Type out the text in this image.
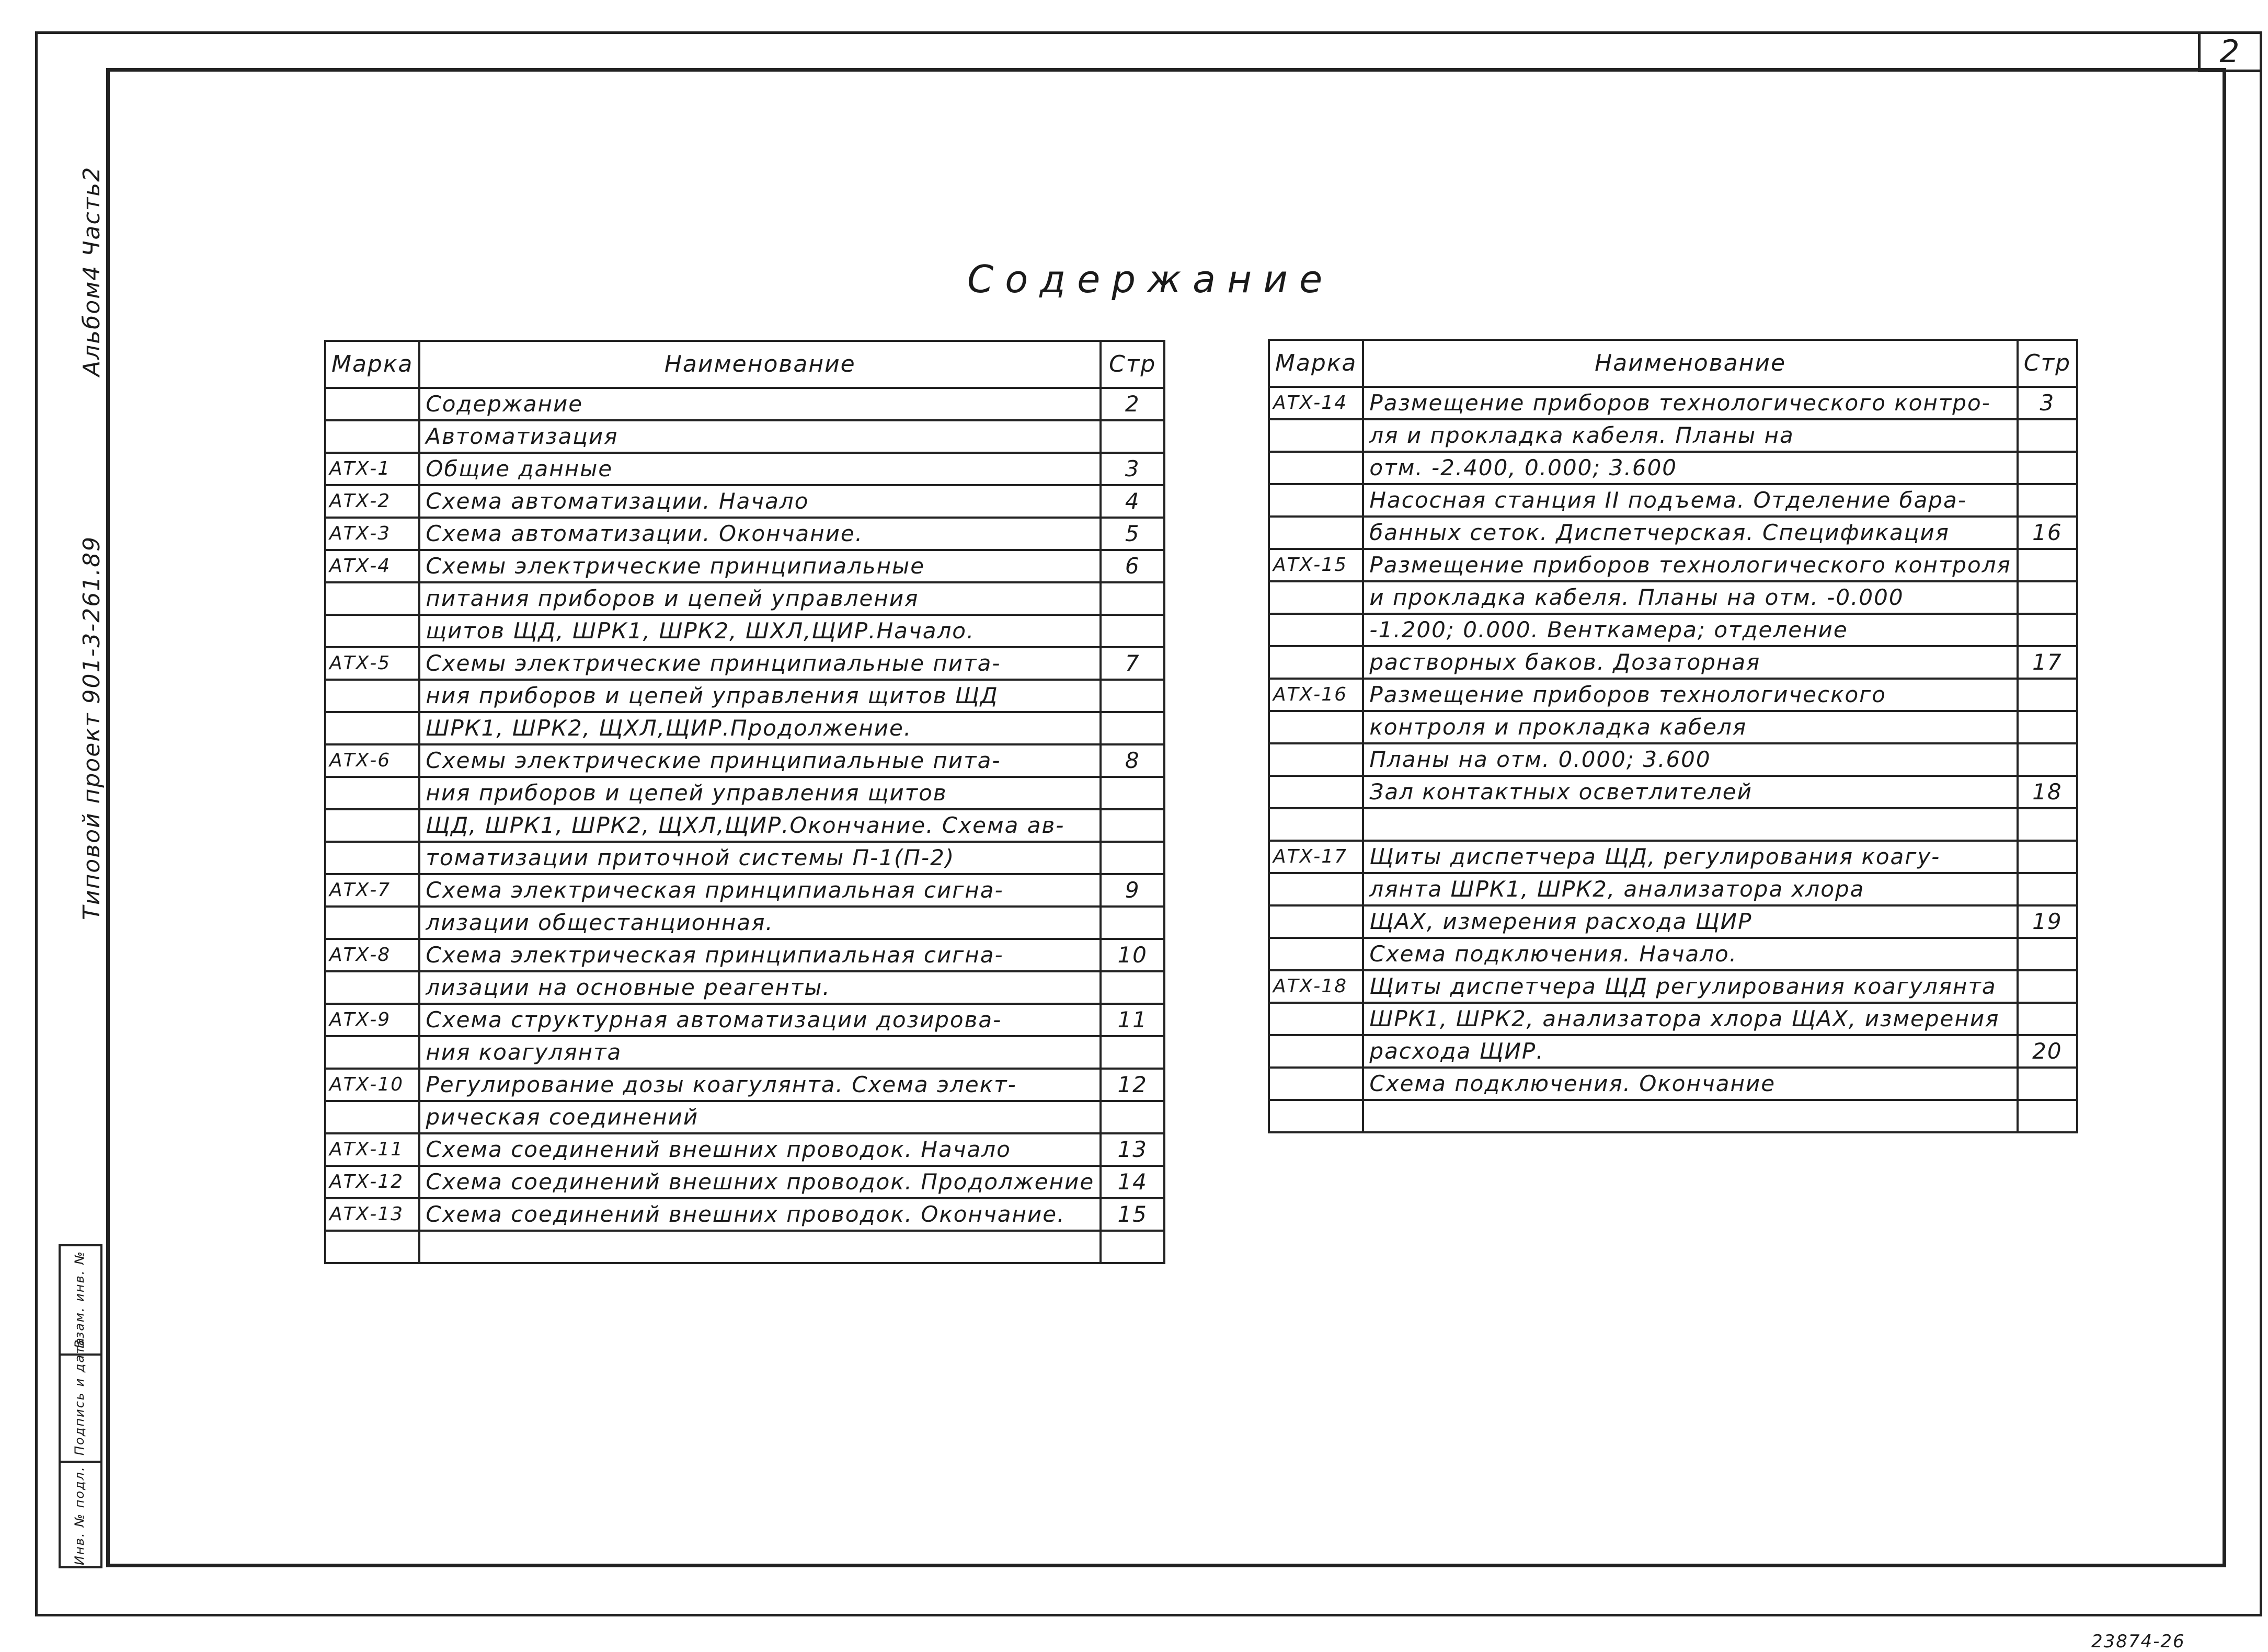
2
Альбом4 Часть2
Типовой проект 901-3-261.89
Инв. № подл.
Подпись и дата
Взам. инв. №
Содержание
Марка	Наименование	Стр
	Содержание	2
	Автоматизация	
АТХ-1	Общие данные	3
АТХ-2	Схема автоматизации. Начало	4
АТХ-3	Схема автоматизации. Окончание.	5
АТХ-4	Схемы электрические принципиальные	6
	питания приборов и цепей управления	
	щитов ЩД, ШРК1, ШРК2, ШХЛ,ЩИР.Начало.	
АТХ-5	Схемы электрические принципиальные пита-	7
	ния приборов и цепей управления щитов ЩД	
	ШРК1, ШРК2, ЩХЛ,ЩИР.Продолжение.	
АТХ-6	Схемы электрические принципиальные пита-	8
	ния приборов и цепей управления щитов	
	ЩД, ШРК1, ШРК2, ЩХЛ,ЩИР.Окончание. Схема ав-	
	томатизации приточной системы П-1(П-2)	
АТХ-7	Схема электрическая принципиальная сигна-	9
	лизации общестанционная.	
АТХ-8	Схема электрическая принципиальная сигна-	10
	лизации на основные реагенты.	
АТХ-9	Схема структурная автоматизации дозирова-	11
	ния коагулянта	
АТХ-10	Регулирование дозы коагулянта. Схема элект-	12
	рическая соединений	
АТХ-11	Схема соединений внешних проводок. Начало	13
АТХ-12	Схема соединений внешних проводок. Продолжение	14
АТХ-13	Схема соединений внешних проводок. Окончание.	15

Марка	Наименование	Стр
АТХ-14	Размещение приборов технологического контро-	3
	ля и прокладка кабеля. Планы на	
	отм. -2.400, 0.000; 3.600	
	Насосная станция II подъема. Отделение бара-	
	банных сеток. Диспетчерская. Спецификация	16
АТХ-15	Размещение приборов технологического контроля	
	и прокладка кабеля. Планы на отм. -0.000	
	-1.200; 0.000. Венткамера; отделение	
	растворных баков. Дозаторная	17
АТХ-16	Размещение приборов технологического	
	контроля и прокладка кабеля	
	Планы на отм. 0.000; 3.600	
	Зал контактных осветлителей	18

АТХ-17	Щиты диспетчера ЩД, регулирования коагу-	
	лянта ШРК1, ШРК2, анализатора хлора	
	ЩАХ, измерения расхода ЩИР	19
	Схема подключения. Начало.	
АТХ-18	Щиты диспетчера ЩД регулирования коагулянта	
	ШРК1, ШРК2, анализатора хлора ЩАХ, измерения	
	расхода ЩИР.	20
	Схема подключения. Окончание	

23874-26
